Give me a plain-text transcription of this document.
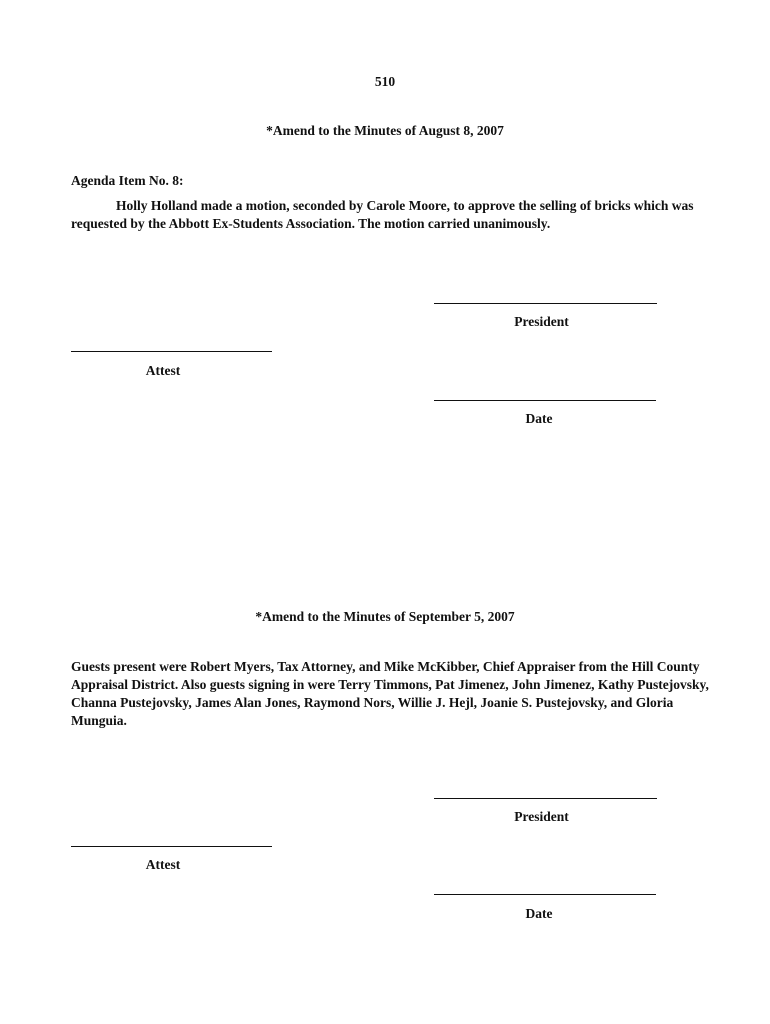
510
*Amend to the Minutes of August 8, 2007
Agenda Item No. 8:

Holly Holland made a motion, seconded by Carole Moore, to approve the selling of bricks which was requested by the Abbott Ex-Students Association. The motion carried unanimously.

President
Attest
Date
*Amend to the Minutes of September 5, 2007

Guests present were Robert Myers, Tax Attorney, and Mike McKibber, Chief Appraiser from the Hill County Appraisal District. Also guests signing in were Terry Timmons, Pat Jimenez, John Jimenez, Kathy Pustejovsky, Channa Pustejovsky, James Alan Jones, Raymond Nors, Willie J. Hejl, Joanie S. Pustejovsky, and Gloria Munguia.

President
Attest
Date
